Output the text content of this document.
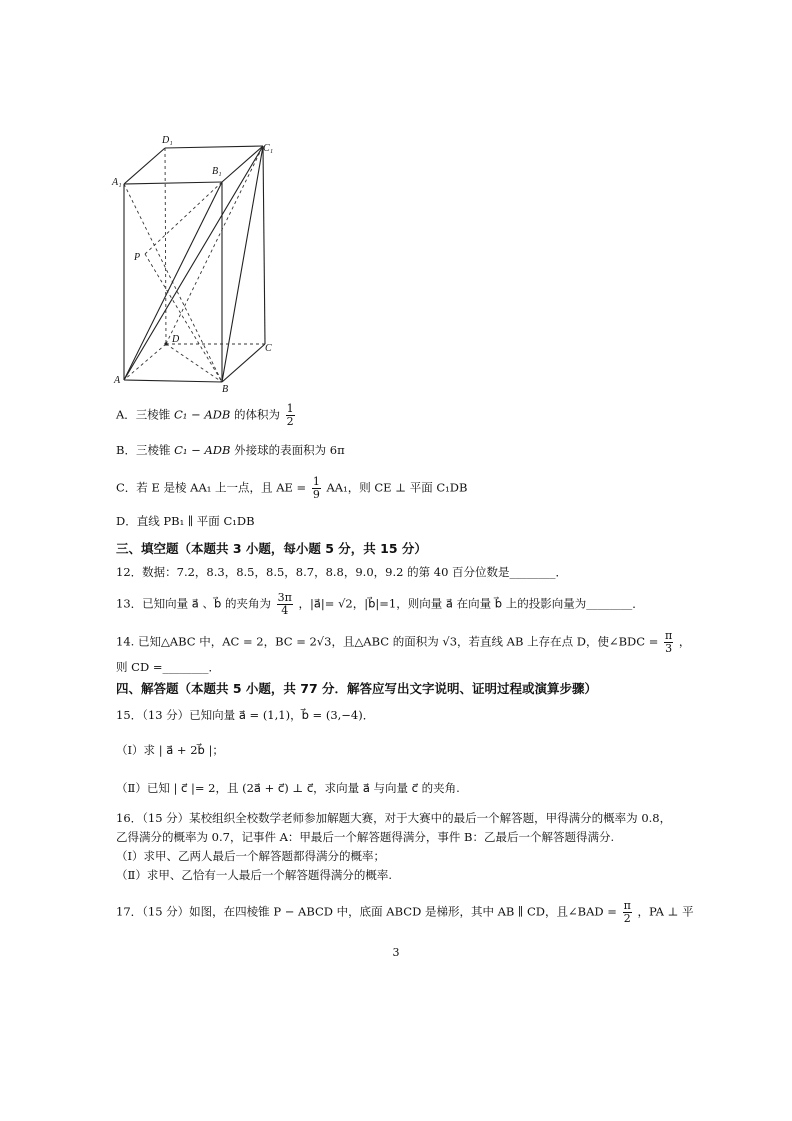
D₁
C₁
A₁
B₁
P
D
C
A
B
A．三棱锥 C₁ − ADB 的体积为 $\frac{1}{2}$
B．三棱锥 C₁ − ADB 外接球的表面积为 6π
C．若 E 是棱 AA₁ 上一点，且 AE = $\frac{1}{9} AA_1$，则 CE ⊥ 平面 C₁DB
D．直线 PB₁ ∥ 平面 C₁DB
三、填空题（本题共 3 小题，每小题 5 分，共 15 分）
12．数据：7.2，8.3，8.5，8.5，8.7，8.8，9.0，9.2 的第 40 百分位数是________．
13．已知向量 a⃗ 、b⃗ 的夹角为 $\frac{3\pi}{4}$ ，|a⃗|= √2，|b⃗|=1，则向量 a⃗ 在向量 b⃗ 上的投影向量为________．
14. 已知△ABC 中，AC = 2，BC = 2√3，且△ABC 的面积为 √3，若直线 AB 上存在点 D，使∠BDC = $\frac{\pi}{3}$ ，
则 CD =________．
四、解答题（本题共 5 小题，共 77 分．解答应写出文字说明、证明过程或演算步骤）
15．（13 分）已知向量 a⃗ = (1,1)，b⃗ = (3,−4)．
（Ⅰ）求 | a⃗ + 2b⃗ |；
（Ⅱ）已知 | c⃗ |= 2，且 (2a⃗ + c⃗) ⊥ c⃗，求向量 a⃗ 与向量 c⃗ 的夹角.
16．（15 分）某校组织全校数学老师参加解题大赛，对于大赛中的最后一个解答题，甲得满分的概率为 0.8，
乙得满分的概率为 0.7，记事件 A：甲最后一个解答题得满分，事件 B：乙最后一个解答题得满分.
（Ⅰ）求甲、乙两人最后一个解答题都得满分的概率；
（Ⅱ）求甲、乙恰有一人最后一个解答题得满分的概率.
17．（15 分）如图，在四棱锥 P − ABCD 中，底面 ABCD 是梯形，其中 AB ∥ CD，且∠BAD = $\frac{\pi}{2}$ ，PA ⊥ 平
3
